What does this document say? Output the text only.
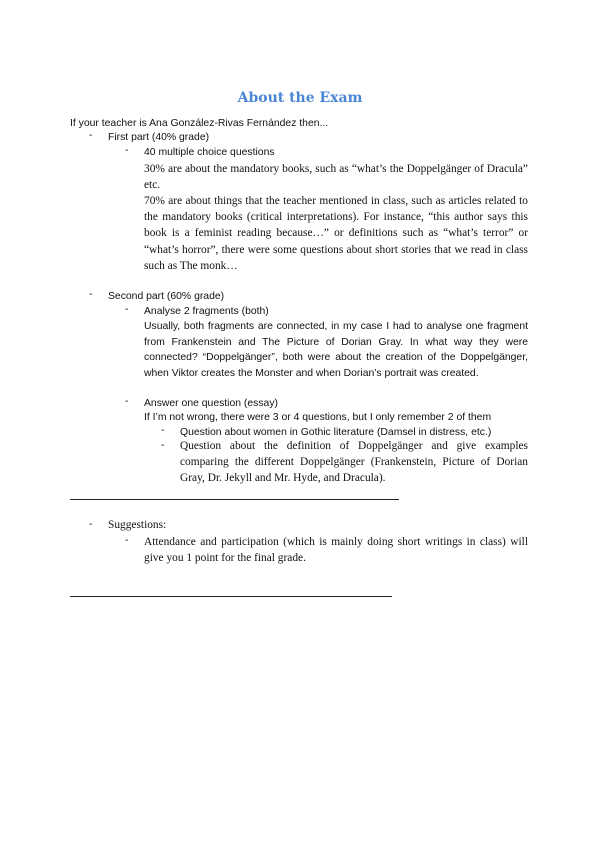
About the Exam
If your teacher is Ana González-Rivas Fernández then...
- First part (40% grade)
- 40 multiple choice questions
30% are about the mandatory books, such as “what’s the Doppelgänger of Dracula” etc.
70% are about things that the teacher mentioned in class, such as articles related to the mandatory books (critical interpretations). For instance, “this author says this book is a feminist reading because…” or definitions such as “what’s terror” or “what’s horror”, there were some questions about short stories that we read in class such as The monk…
- Second part (60% grade)
- Analyse 2 fragments (both)
Usually, both fragments are connected, in my case I had to analyse one fragment from Frankenstein and The Picture of Dorian Gray. In what way they were connected? “Doppelgänger”, both were about the creation of the Doppelgänger, when Viktor creates the Monster and when Dorian’s portrait was created.
- Answer one question (essay)
If I’m not wrong, there were 3 or 4 questions, but I only remember 2 of them
- Question about women in Gothic literature (Damsel in distress, etc.)
- Question about the definition of Doppelgänger and give examples comparing the different Doppelgänger (Frankenstein, Picture of Dorian Gray, Dr. Jekyll and Mr. Hyde, and Dracula).
- Suggestions:
- Attendance and participation (which is mainly doing short writings in class) will give you 1 point for the final grade.
